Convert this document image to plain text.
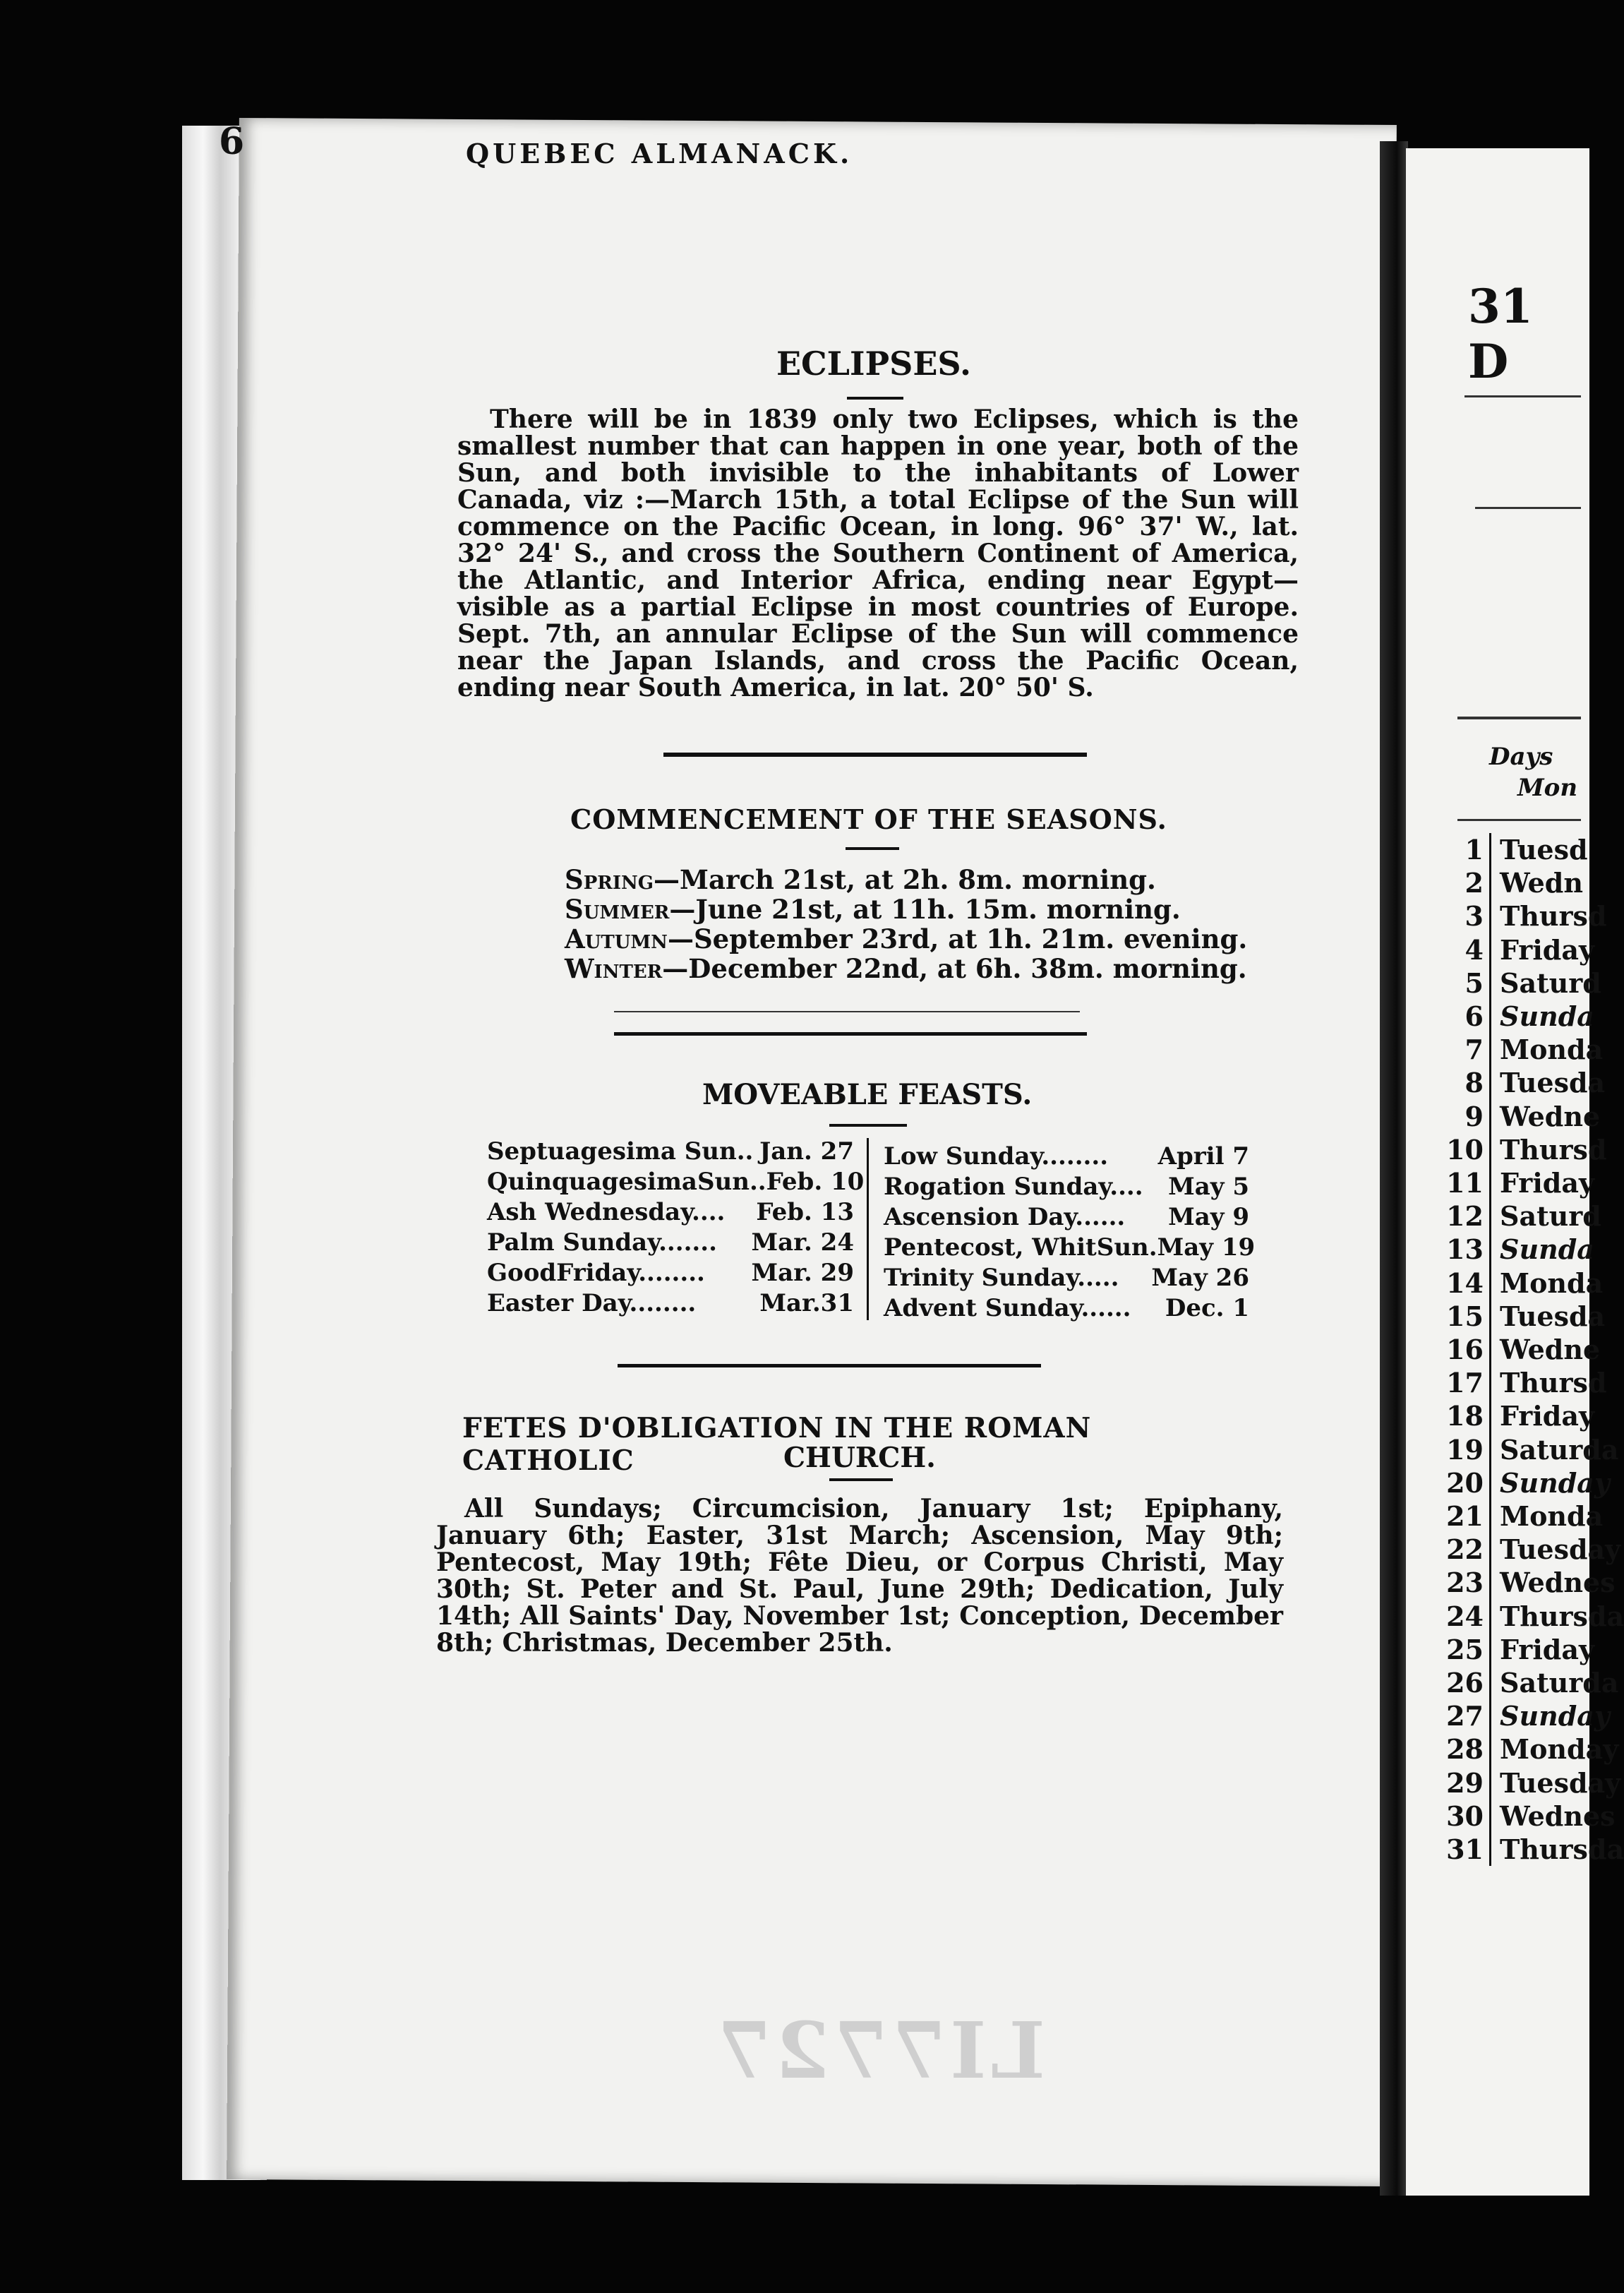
6	QUEBEC ALMANACK.
ECLIPSES.
There will be in 1839 only two Eclipses, which is the smallest number that can happen in one year, both of the Sun, and both invisible to the inhabitants of Lower Canada, viz :—March 15th, a total Eclipse of the Sun will commence on the Pacific Ocean, in long. 96° 37' W., lat. 32° 24' S., and cross the Southern Continent of America, the Atlantic, and Interior Africa, ending near Egypt—visible as a partial Eclipse in most countries of Europe. Sept. 7th, an annular Eclipse of the Sun will commence near the Japan Islands, and cross the Pacific Ocean, ending near South America, in lat. 20° 50' S.
COMMENCEMENT OF THE SEASONS.
Spring—March 21st, at 2h. 8m. morning.
Summer—June 21st, at 11h. 15m. morning.
Autumn—September 23rd, at 1h. 21m. evening.
Winter—December 22nd, at 6h. 38m. morning.
MOVEABLE FEASTS.
Septuagesima Sun.. Jan. 27
QuinquagesimaSun.. Feb. 10
Ash Wednesday.... Feb. 13
Palm Sunday....... Mar. 24
GoodFriday........ Mar. 29
Easter Day........	Mar.31
Low Sunday........ April 7
Rogation Sunday.... May 5
Ascension Day...... May 9
Pentecost, WhitSun. May 19
Trinity Sunday..... May 26
Advent Sunday...... Dec. 1
FETES D'OBLIGATION IN THE ROMAN CATHOLIC	CHURCH.
All Sundays; Circumcision, January 1st; Epiphany, January 6th; Easter, 31st March; Ascension, May 9th; Pentecost, May 19th; Fête Dieu, or Corpus Christi, May 30th; St. Peter and St. Paul, June 29th; Dedication, July 14th; All Saints' Day, November 1st; Conception, December 8th; Christmas, December 25th.
LI7727
31 D
Days
Mon
1 Tuesd
2 Wedn
3 Thursd
4 Friday
5 Saturd
6 Sunda
7 Monda
8 Tuesda
9 Wedne
10 Thursd
11 Friday
12 Saturd
13 Sunda
14 Monda
15 Tuesda
16 Wedne
17 Thursd
18 Friday
19 Saturda
20 Sunday
21 Monda
22 Tuesday
23 Wednes
24 Thursda
25 Friday
26 Saturda
27 Sunday
28 Monday
29 Tuesday
30 Wednes
31 Thursda
